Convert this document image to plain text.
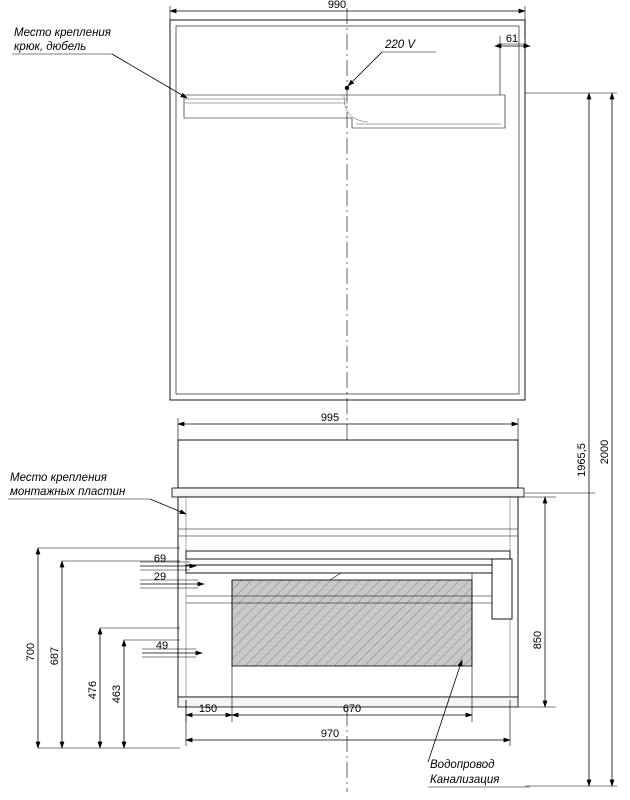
990
61
220 V
Место крепления
крюк, дюбель
2000
1965,5
995
Место крепления
монтажных пластин
700 687
476 463
69
29
49	850
150	670
970
Водопровод
Канализация
